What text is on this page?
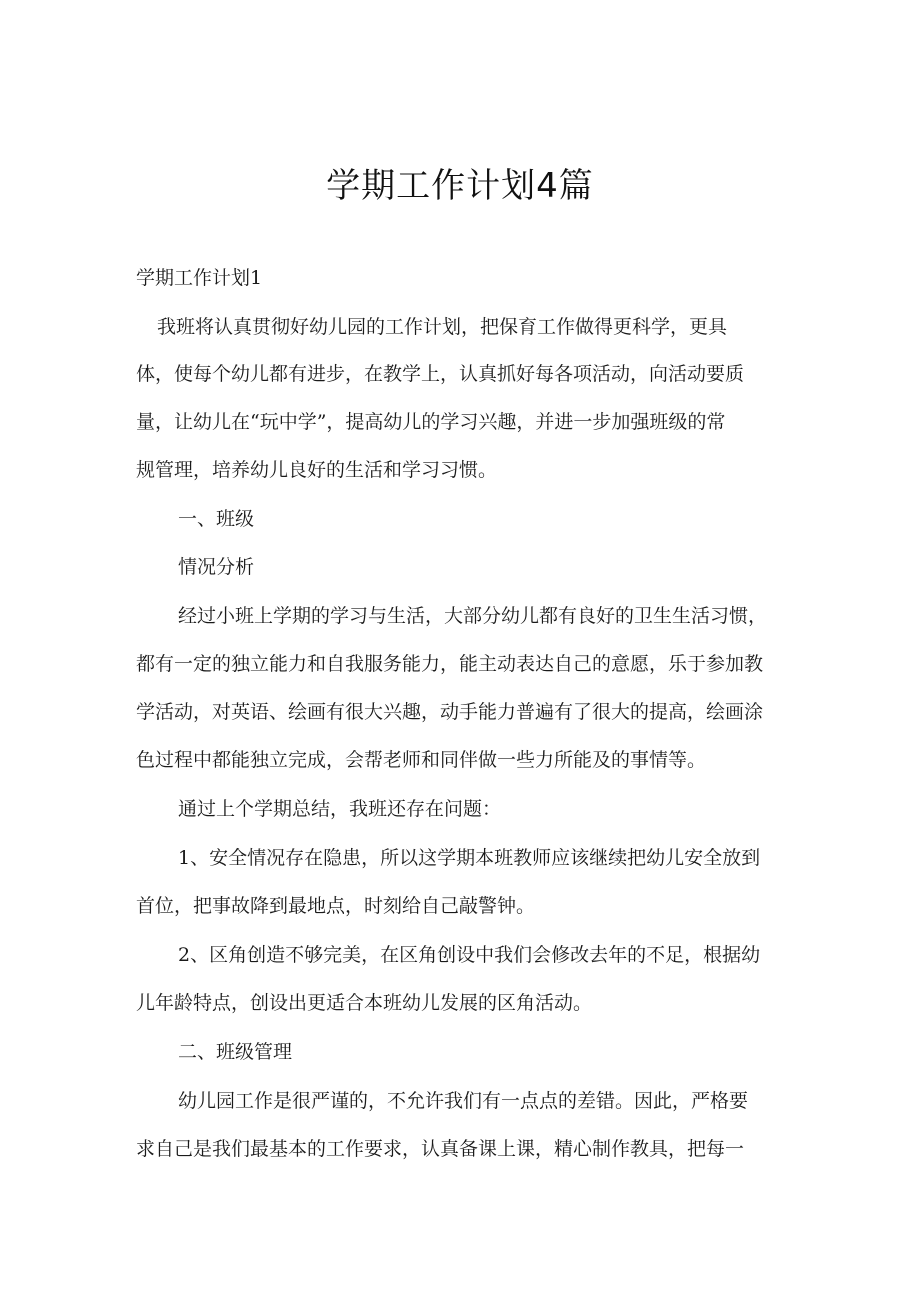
学期工作计划4篇
学期工作计划1
我班将认真贯彻好幼儿园的工作计划，把保育工作做得更科学，更具
体，使每个幼儿都有进步，在教学上，认真抓好每各项活动，向活动要质
量，让幼儿在“玩中学”，提高幼儿的学习兴趣，并进一步加强班级的常
规管理，培养幼儿良好的生活和学习习惯。
一、班级
情况分析
经过小班上学期的学习与生活，大部分幼儿都有良好的卫生生活习惯，
都有一定的独立能力和自我服务能力，能主动表达自己的意愿，乐于参加教
学活动，对英语、绘画有很大兴趣，动手能力普遍有了很大的提高，绘画涂
色过程中都能独立完成，会帮老师和同伴做一些力所能及的事情等。
通过上个学期总结，我班还存在问题：
1、安全情况存在隐患，所以这学期本班教师应该继续把幼儿安全放到
首位，把事故降到最地点，时刻给自己敲警钟。
2、区角创造不够完美，在区角创设中我们会修改去年的不足，根据幼
儿年龄特点，创设出更适合本班幼儿发展的区角活动。
二、班级管理
幼儿园工作是很严谨的，不允许我们有一点点的差错。因此，严格要
求自己是我们最基本的工作要求，认真备课上课，精心制作教具，把每一
